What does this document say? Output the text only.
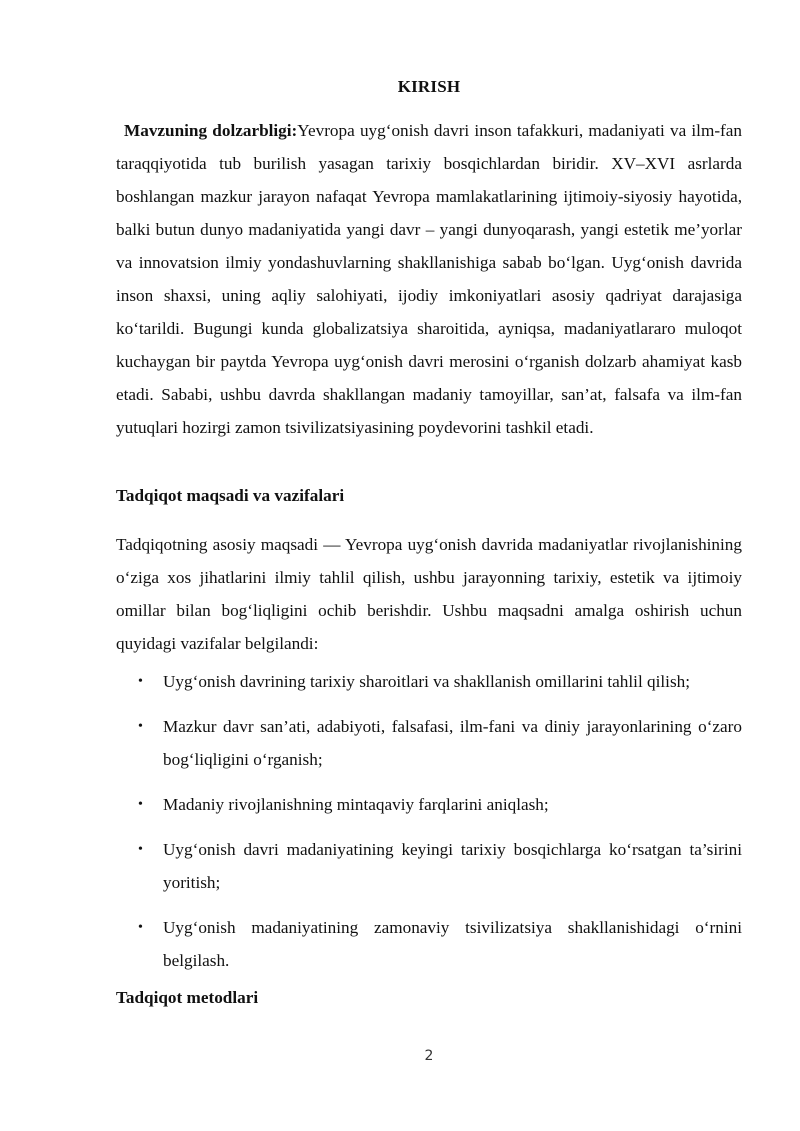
KIRISH

Mavzuning dolzarbligi:Yevropa uyg‘onish davri inson tafakkuri, madaniyati va ilm-fan taraqqiyotida tub burilish yasagan tarixiy bosqichlardan biridir. XV–XVI asrlarda boshlangan mazkur jarayon nafaqat Yevropa mamlakatlarining ijtimoiy-siyosiy hayotida, balki butun dunyo madaniyatida yangi davr – yangi dunyoqarash, yangi estetik me’yorlar va innovatsion ilmiy yondashuvlarning shakllanishiga sabab bo‘lgan. Uyg‘onish davrida inson shaxsi, uning aqliy salohiyati, ijodiy imkoniyatlari asosiy qadriyat darajasiga ko‘tarildi. Bugungi kunda globalizatsiya sharoitida, ayniqsa, madaniyatlararo muloqot kuchaygan bir paytda Yevropa uyg‘onish davri merosini o‘rganish dolzarb ahamiyat kasb etadi. Sababi, ushbu davrda shakllangan madaniy tamoyillar, san’at, falsafa va ilm-fan yutuqlari hozirgi zamon tsivilizatsiyasining poydevorini tashkil etadi.

Tadqiqot maqsadi va vazifalari

Tadqiqotning asosiy maqsadi — Yevropa uyg‘onish davrida madaniyatlar rivojlanishining o‘ziga xos jihatlarini ilmiy tahlil qilish, ushbu jarayonning tarixiy, estetik va ijtimoiy omillar bilan bog‘liqligini ochib berishdir. Ushbu maqsadni amalga oshirish uchun quyidagi vazifalar belgilandi:

• Uyg‘onish davrining tarixiy sharoitlari va shakllanish omillarini tahlil qilish;
• Mazkur davr san’ati, adabiyoti, falsafasi, ilm-fani va diniy jarayonlarining o‘zaro bog‘liqligini o‘rganish;
• Madaniy rivojlanishning mintaqaviy farqlarini aniqlash;
• Uyg‘onish davri madaniyatining keyingi tarixiy bosqichlarga ko‘rsatgan ta’sirini yoritish;
• Uyg‘onish madaniyatining zamonaviy tsivilizatsiya shakllanishidagi o‘rnini belgilash.
Tadqiqot metodlari
2
